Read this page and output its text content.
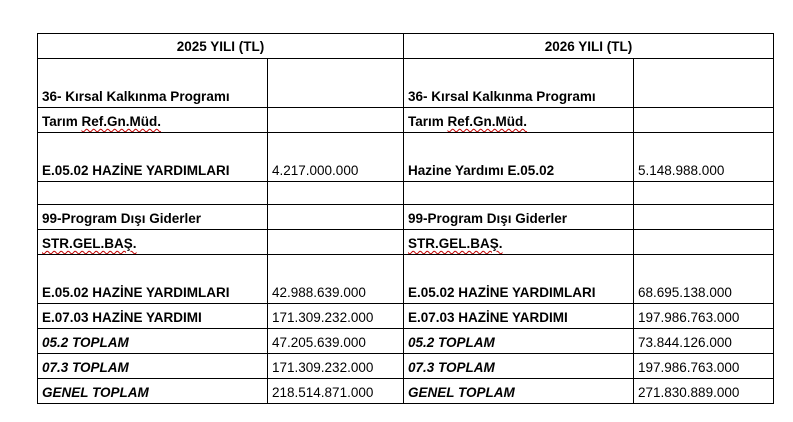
2025 YILI (TL)		2026 YILI (TL)	
36- Kırsal Kalkınma Programı		36- Kırsal Kalkınma Programı	
Tarım Ref.Gn.Müd.		Tarım Ref.Gn.Müd.	
E.05.02 HAZİNE YARDIMLARI	4.217.000.000	Hazine Yardımı E.05.02	5.148.988.000

99-Program Dışı Giderler		99-Program Dışı Giderler	
STR.GEL.BAŞ.		STR.GEL.BAŞ.	
E.05.02 HAZİNE YARDIMLARI	42.988.639.000	E.05.02 HAZİNE YARDIMLARI	68.695.138.000
E.07.03 HAZİNE YARDIMI	171.309.232.000	E.07.03 HAZİNE YARDIMI	197.986.763.000
05.2 TOPLAM	47.205.639.000	05.2 TOPLAM	73.844.126.000
07.3 TOPLAM	171.309.232.000	07.3 TOPLAM	197.986.763.000
GENEL TOPLAM	218.514.871.000	GENEL TOPLAM	271.830.889.000
